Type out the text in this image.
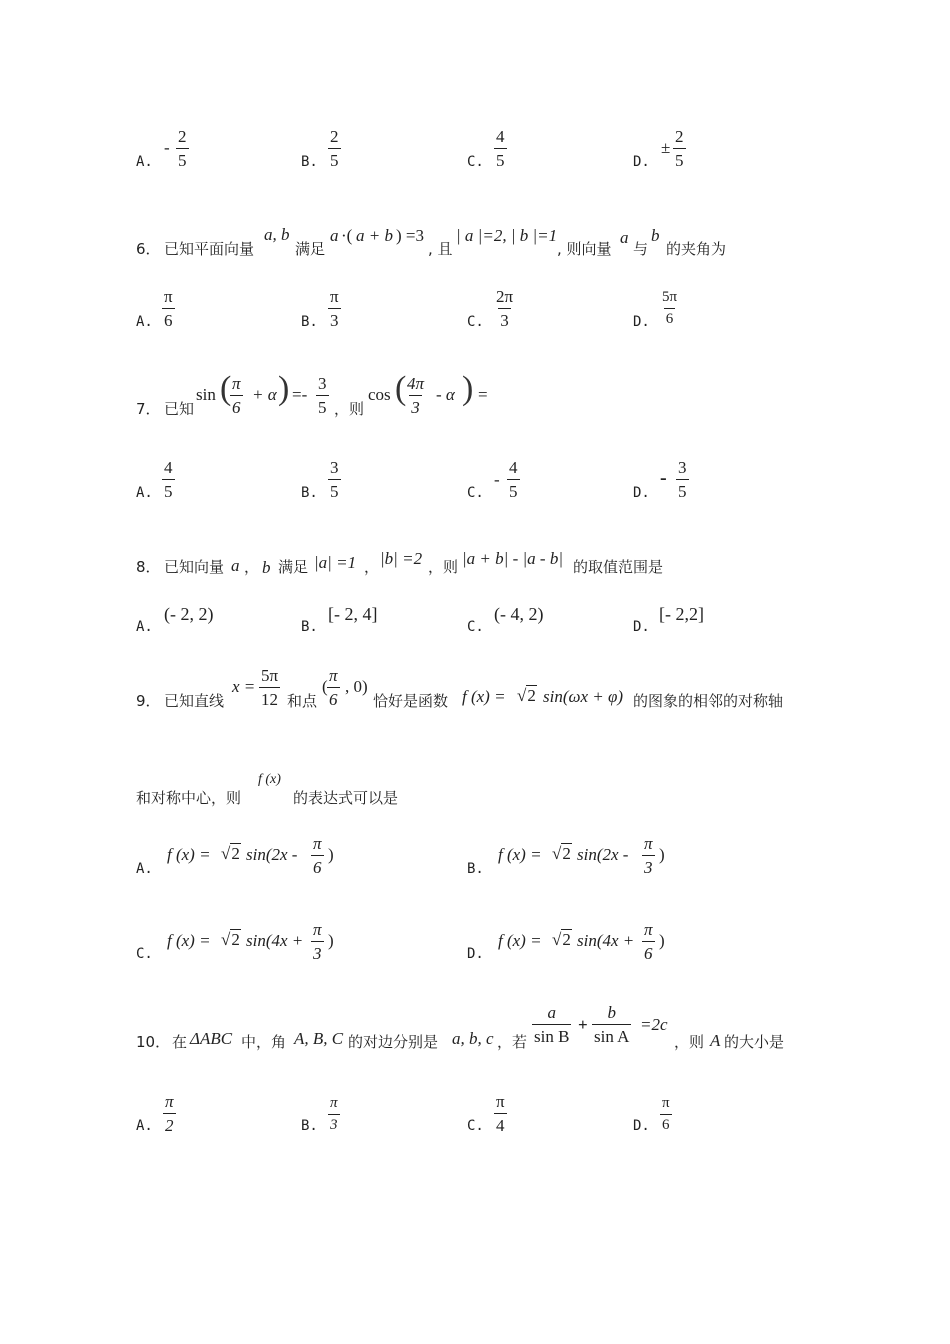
A.
- $\frac{2}{5}$	B. $\frac{2}{5}$	C. $\frac{4}{5}$	D.
± $\frac{2}{5}$
6． 已知平面向量
a, b
满足
a ·( a + b ) =3
, 且
| a |=2, | b |=1
, 则向量
a
与
b
的夹角为
A. $\frac{\pi}{6}$	B. $\frac{\pi}{3}$	C. $\frac{2\pi}{3}$	D. $\frac{5\pi}{6}$
7． 已知
sin (
$\frac{\pi}{6} + \alpha$ ) =- $\frac{3}{5}$ ，则
cos (
$\frac{4\pi}{3}$ - α ) =
A. $\frac{4}{5}$	B. $\frac{3}{5}$	C.
- $\frac{4}{5}$	D.
- $\frac{3}{5}$
8． 已知向量 a ， b 满足 |a| =1 ， |b| =2 ，则 |a + b| - |a - b| 的取值范围是
A.
(- 2, 2)
B.
[- 2, 4]
C.
(- 4, 2)
D.
[- 2,2]
9． 已知直线
$x = \frac{5\pi}{12}$ 和点
( $\frac{\pi}{6}$ , 0)
恰好是函数 f (x) = √2 sin(ωx + φ) 的图象的相邻的对称轴
和对称中心，则
f (x)
的表达式可以是
A.
f (x) = √2 $\sin(2x - \frac{\pi}{6}$ )
B.
f (x) = √2 $\sin(2x - \frac{\pi}{3}$ )
C.
f (x) = √2 $\sin(4x + \frac{\pi}{3}$ )
D.
f (x) = √2 $\sin(4x + \frac{\pi}{6}$ )
10． 在 ΔABC 中，角 A, B, C 的对边分别是 a, b, c ，若 $\frac{a}{\text{sin B}} + \frac{b}{\text{sin A}} =2c$
，则 A 的大小是
A. $\frac{\pi}{2}$	B. $\frac{\pi}{3}$	C. $\frac{\pi}{4}$	D. $\frac{\pi}{6}$
